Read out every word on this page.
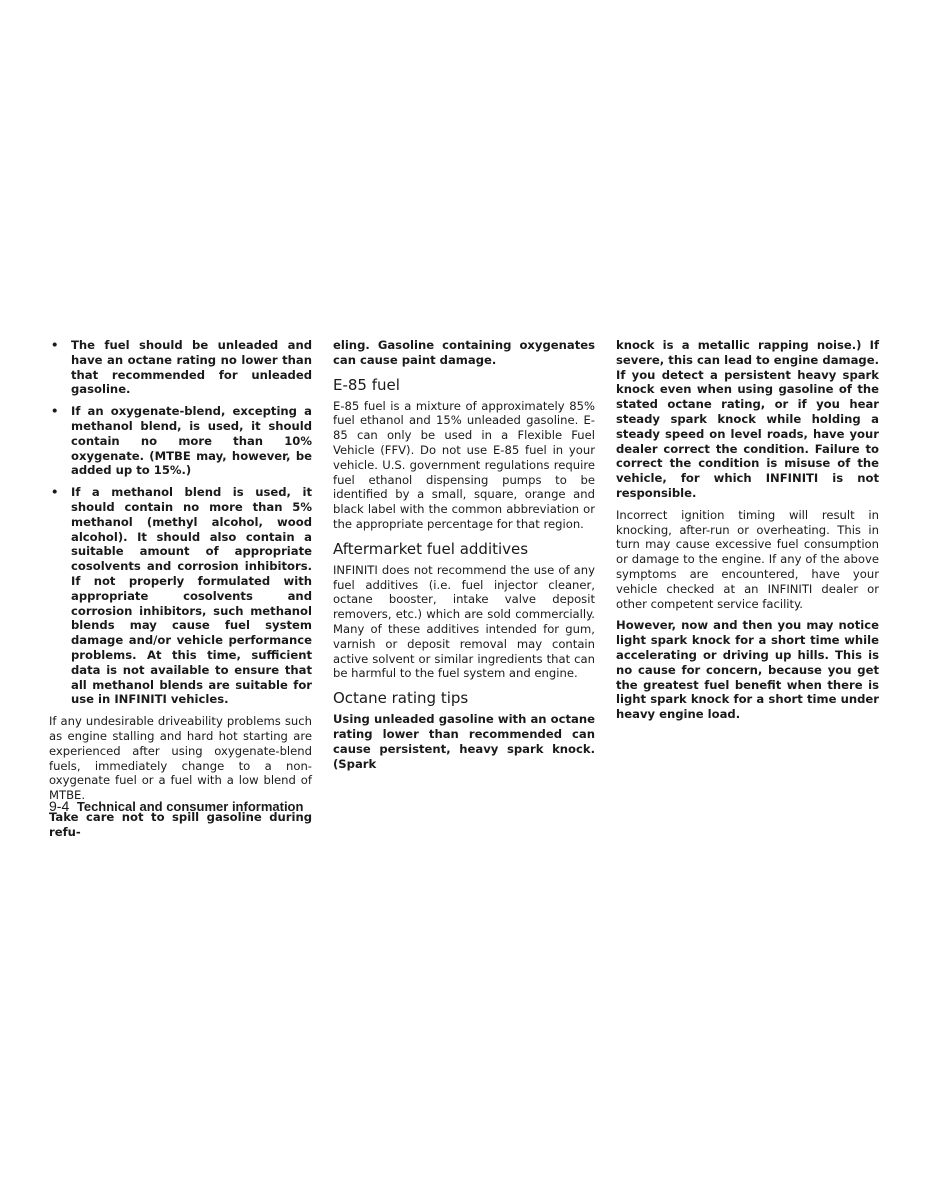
• The fuel should be unleaded and have an octane rating no lower than that recommended for unleaded gasoline.
• If an oxygenate-blend, excepting a methanol blend, is used, it should contain no more than 10% oxygenate. (MTBE may, however, be added up to 15%.)
• If a methanol blend is used, it should contain no more than 5% methanol (methyl alcohol, wood alcohol). It should also contain a suitable amount of appropriate cosolvents and corrosion inhibitors. If not properly formulated with appropriate cosolvents and corrosion inhibitors, such methanol blends may cause fuel system damage and/or vehicle performance problems. At this time, sufficient data is not available to ensure that all methanol blends are suitable for use in INFINITI vehicles.

If any undesirable driveability problems such as engine stalling and hard hot starting are experienced after using oxygenate-blend fuels, immediately change to a non-oxygenate fuel or a fuel with a low blend of MTBE.

Take care not to spill gasoline during refu-

eling. Gasoline containing oxygenates can cause paint damage.

E-85 fuel

E-85 fuel is a mixture of approximately 85% fuel ethanol and 15% unleaded gasoline. E-85 can only be used in a Flexible Fuel Vehicle (FFV). Do not use E-85 fuel in your vehicle. U.S. government regulations require fuel ethanol dispensing pumps to be identified by a small, square, orange and black label with the common abbreviation or the appropriate percentage for that region.

Aftermarket fuel additives

INFINITI does not recommend the use of any fuel additives (i.e. fuel injector cleaner, octane booster, intake valve deposit removers, etc.) which are sold commercially. Many of these additives intended for gum, varnish or deposit removal may contain active solvent or similar ingredients that can be harmful to the fuel system and engine.

Octane rating tips

Using unleaded gasoline with an octane rating lower than recommended can cause persistent, heavy spark knock. (Spark

knock is a metallic rapping noise.) If severe, this can lead to engine damage. If you detect a persistent heavy spark knock even when using gasoline of the stated octane rating, or if you hear steady spark knock while holding a steady speed on level roads, have your dealer correct the condition. Failure to correct the condition is misuse of the vehicle, for which INFINITI is not responsible.

Incorrect ignition timing will result in knocking, after-run or overheating. This in turn may cause excessive fuel consumption or damage to the engine. If any of the above symptoms are encountered, have your vehicle checked at an INFINITI dealer or other competent service facility.

However, now and then you may notice light spark knock for a short time while accelerating or driving up hills. This is no cause for concern, because you get the greatest fuel benefit when there is light spark knock for a short time under heavy engine load.

9-4 Technical and consumer information
